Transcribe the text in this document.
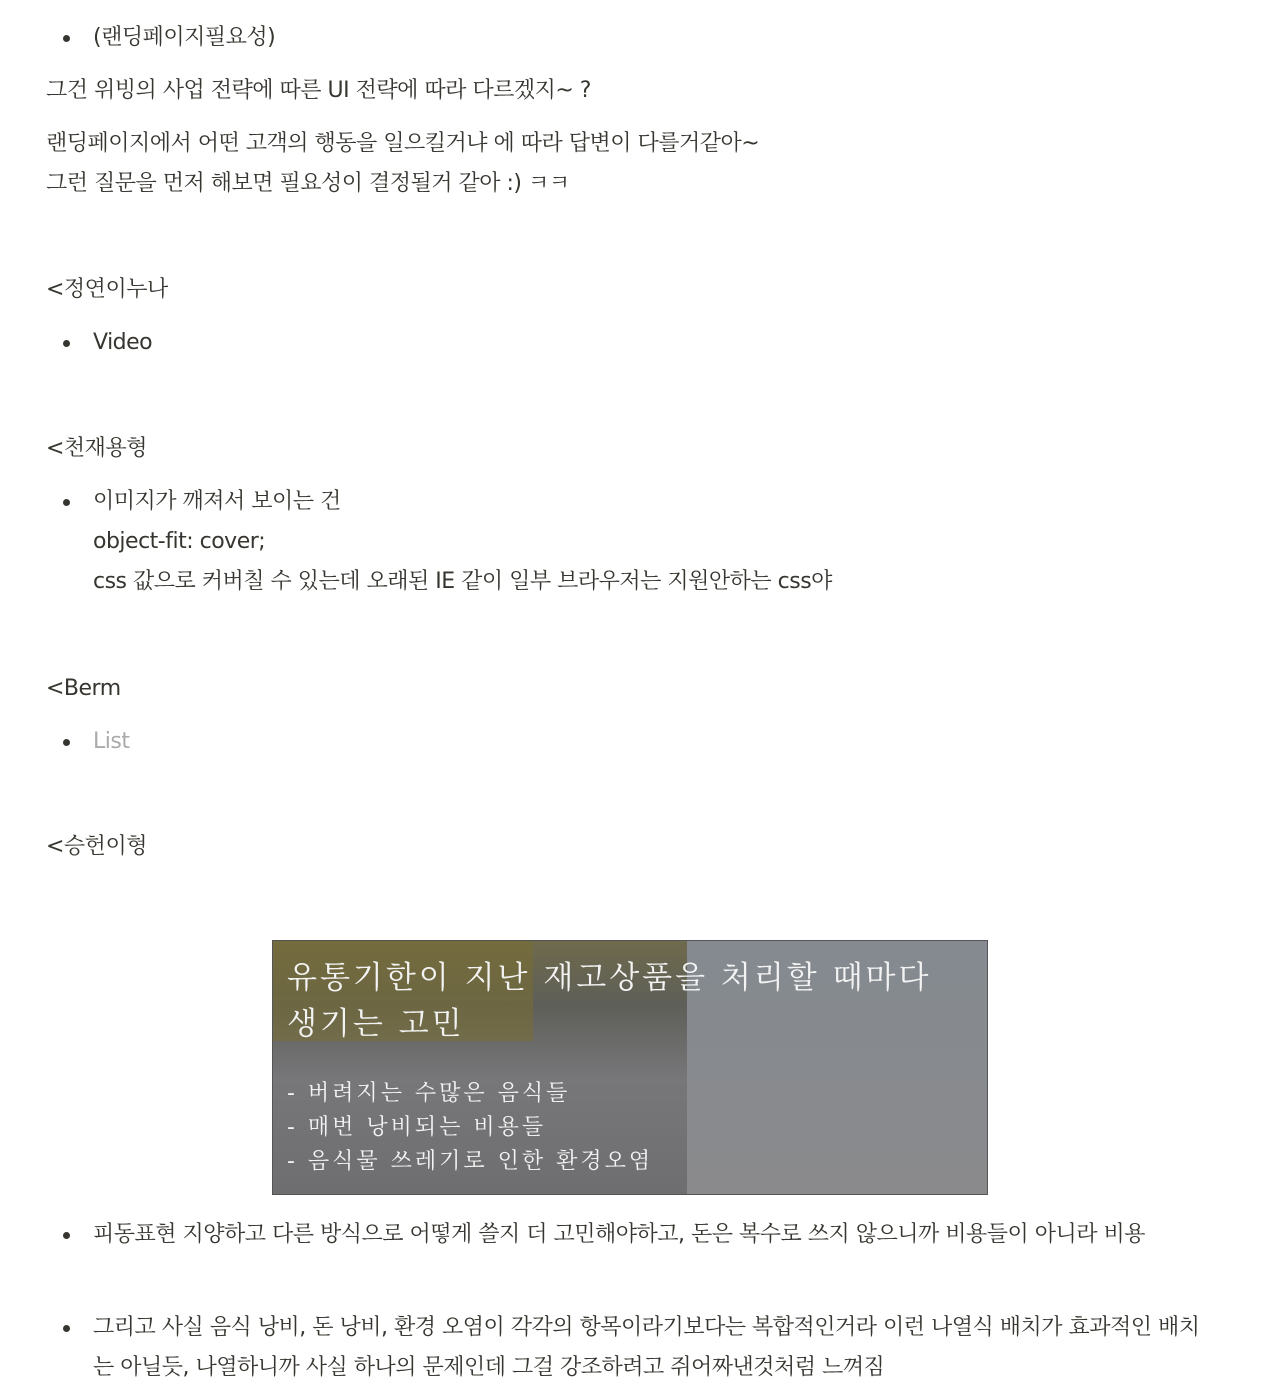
(랜딩페이지필요성)
그건 위빙의 사업 전략에 따른 UI 전략에 따라 다르겠지~ ?
랜딩페이지에서 어떤 고객의 행동을 일으킬거냐 에 따라 답변이 다를거같아~
그런 질문을 먼저 해보면 필요성이 결정될거 같아 :) ㅋㅋ
<정연이누나
Video
<천재용형
이미지가 깨져서 보이는 건
object-fit: cover;
css 값으로 커버칠 수 있는데 오래된 IE 같이 일부 브라우저는 지원안하는 css야
<Berm
List
<승헌이형
유통기한이 지난 재고상품을 처리할 때마다
생기는 고민
- 버려지는 수많은 음식들
- 매번 낭비되는 비용들
- 음식물 쓰레기로 인한 환경오염
피동표현 지양하고 다른 방식으로 어떻게 쓸지 더 고민해야하고, 돈은 복수로 쓰지 않으니까 비용들이 아니라 비용
그리고 사실 음식 낭비, 돈 낭비, 환경 오염이 각각의 항목이라기보다는 복합적인거라 이런 나열식 배치가 효과적인 배치는 아닐듯, 나열하니까 사실 하나의 문제인데 그걸 강조하려고 쥐어짜낸것처럼 느껴짐
